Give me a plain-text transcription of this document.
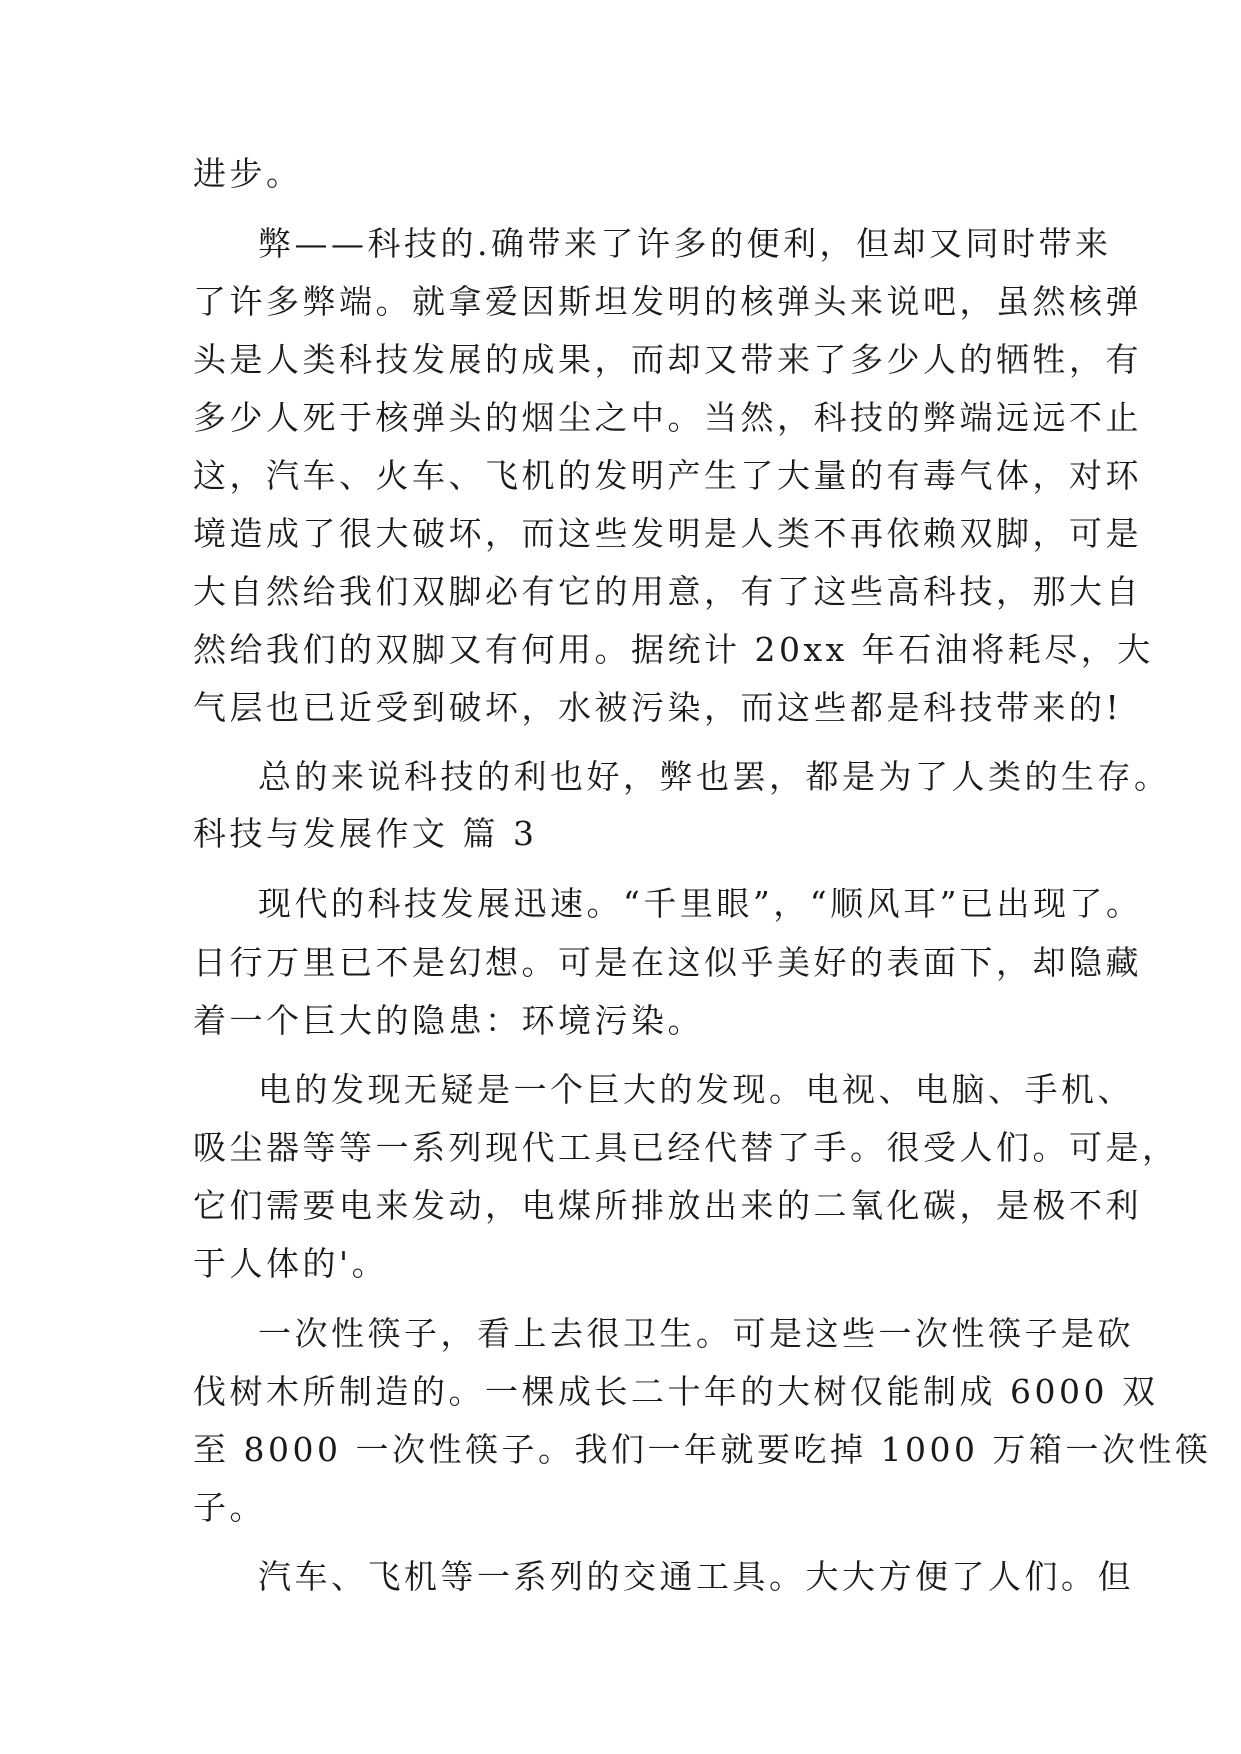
进步。
弊——科技的.确带来了许多的便利，但却又同时带来
了许多弊端。就拿爱因斯坦发明的核弹头来说吧，虽然核弹
头是人类科技发展的成果，而却又带来了多少人的牺牲，有
多少人死于核弹头的烟尘之中。当然，科技的弊端远远不止
这，汽车、火车、飞机的发明产生了大量的有毒气体，对环
境造成了很大破坏，而这些发明是人类不再依赖双脚，可是
大自然给我们双脚必有它的用意，有了这些高科技，那大自
然给我们的双脚又有何用。据统计 20xx 年石油将耗尽，大
气层也已近受到破坏，水被污染，而这些都是科技带来的!
总的来说科技的利也好，弊也罢，都是为了人类的生存。
科技与发展作文 篇 3
现代的科技发展迅速。“千里眼”，“顺风耳”已出现了。
日行万里已不是幻想。可是在这似乎美好的表面下，却隐藏
着一个巨大的隐患：环境污染。
电的发现无疑是一个巨大的发现。电视、电脑、手机、
吸尘器等等一系列现代工具已经代替了手。很受人们。可是，
它们需要电来发动，电煤所排放出来的二氧化碳，是极不利
于人体的'。
一次性筷子，看上去很卫生。可是这些一次性筷子是砍
伐树木所制造的。一棵成长二十年的大树仅能制成 6000 双
至 8000 一次性筷子。我们一年就要吃掉 1000 万箱一次性筷
子。
汽车、飞机等一系列的交通工具。大大方便了人们。但
